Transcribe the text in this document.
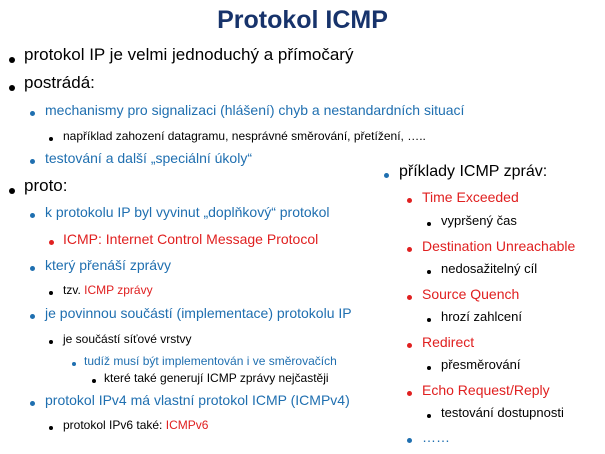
Protokol ICMP
protokol IP je velmi jednoduchý a přímočarý
postrádá:
mechanismy pro signalizaci (hlášení) chyb a nestandardních situací
například zahození datagramu, nesprávné směrování, přetížení, …..
testování a další „speciální úkoly“
proto:
k protokolu IP byl vyvinut „doplňkový“ protokol
ICMP: Internet Control Message Protocol
který přenáší zprávy
tzv. ICMP zprávy
je povinnou součástí (implementace) protokolu IP
je součástí síťové vrstvy
tudíž musí být implementován i ve směrovačích
které také generují ICMP zprávy nejčastěji
protokol IPv4 má vlastní protokol ICMP (ICMPv4)
protokol IPv6 také: ICMPv6
příklady ICMP zpráv:
Time Exceeded
vypršený čas
Destination Unreachable
nedosažitelný cíl
Source Quench
hrozí zahlcení
Redirect
přesměrování
Echo Request/Reply
testování dostupnosti
……
